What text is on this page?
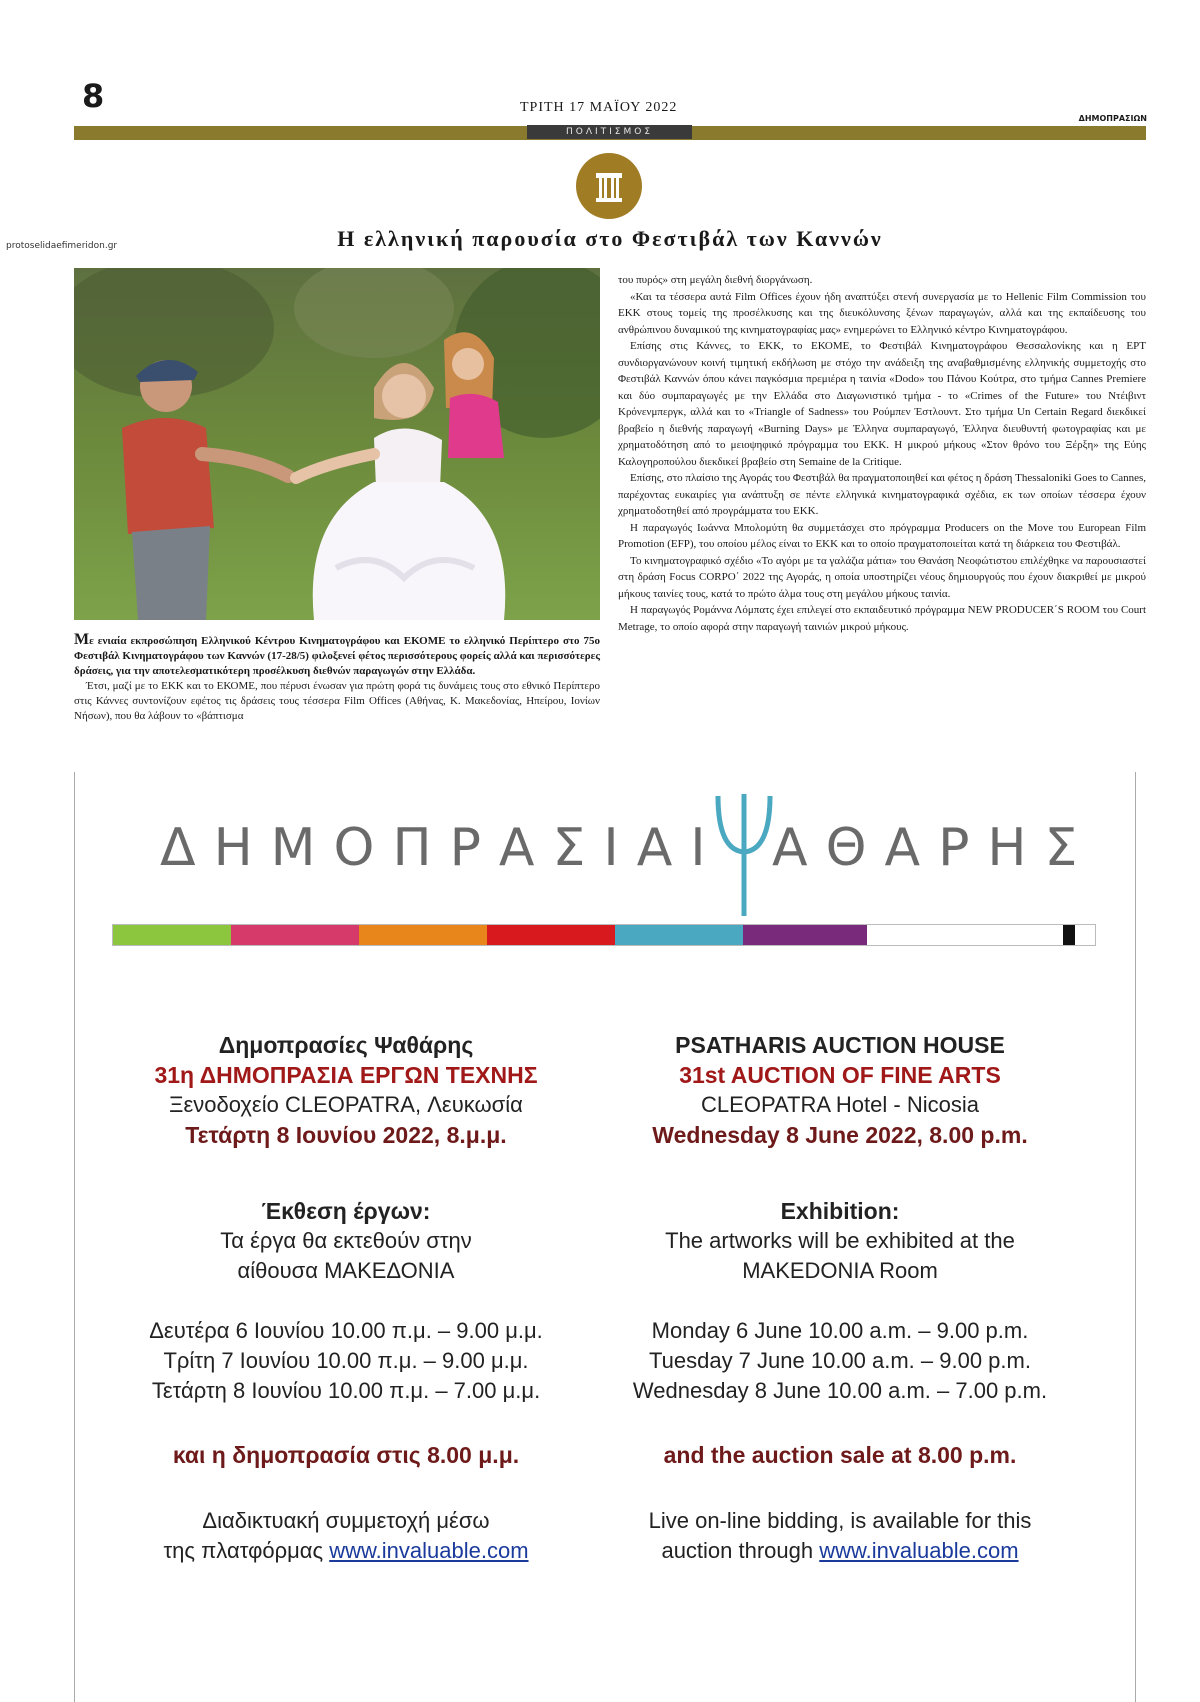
8	ΤΡΙΤΗ 17 ΜΑΪΟΥ 2022
ΔΗΜΟΠΡΑΣΙΩΝ
ΠΟΛΙΤΙΣΜΟΣ
protoselidaefimeridon.gr	Η ελληνική παρουσία στο Φεστιβάλ των Καννών

Με ενιαία εκπροσώπηση Ελληνικού Κέντρου Κινηματογράφου και ΕΚΟΜΕ το ελληνικό Περίπτερο στο 75ο Φεστιβάλ Κινηματογράφου των Καννών (17-28/5) φιλοξενεί φέτος περισσότερους φορείς αλλά και περισσότερες δράσεις, για την αποτελεσματικότερη προσέλκυση διεθνών παραγωγών στην Ελλάδα.

Έτσι, μαζί με το ΕΚΚ και το ΕΚΟΜΕ, που πέρυσι ένωσαν για πρώτη φορά τις δυνάμεις τους στο εθνικό Περίπτερο στις Κάννες συντονίζουν εφέτος τις δράσεις τους τέσσερα Film Offices (Αθήνας, Κ. Μακεδονίας, Ηπείρου, Ιονίων Νήσων), που θα λάβουν το «βάπτισμα

του πυρός» στη μεγάλη διεθνή διοργάνωση.

«Και τα τέσσερα αυτά Film Offices έχουν ήδη αναπτύξει στενή συνεργασία με το Hellenic Film Commission του ΕΚΚ στους τομείς της προσέλκυσης και της διευκόλυνσης ξένων παραγωγών, αλλά και της εκπαίδευσης του ανθρώπινου δυναμικού της κινηματογραφίας μας» ενημερώνει το Ελληνικό κέντρο Κινηματογράφου.

Επίσης στις Κάννες, το ΕΚΚ, το ΕΚΟΜΕ, το Φεστιβάλ Κινηματογράφου Θεσσαλονίκης και η ΕΡΤ συνδιοργανώνουν κοινή τιμητική εκδήλωση με στόχο την ανάδειξη της αναβαθμισμένης ελληνικής συμμετοχής στο Φεστιβάλ Καννών όπου κάνει παγκόσμια πρεμιέρα η ταινία «Dodo» του Πάνου Κούτρα, στο τμήμα Cannes Premiere και δύο συμπαραγωγές με την Ελλάδα στο Διαγωνιστικό τμήμα - το «Crimes of the Future» του Ντέιβιντ Κρόνενμπεργκ, αλλά και το «Triangle of Sadness» του Ρούμπεν Έστλουντ. Στο τμήμα Un Certain Regard διεκδικεί βραβείο η διεθνής παραγωγή «Burning Days» με Έλληνα συμπαραγωγό, Έλληνα διευθυντή φωτογραφίας και με χρηματοδότηση από το μειοψηφικό πρόγραμμα του ΕΚΚ. Η μικρού μήκους «Στον θρόνο του Ξέρξη» της Εύης Καλογηροπούλου διεκδικεί βραβείο στη Semaine de la Critique.

Επίσης, στο πλαίσιο της Αγοράς του Φεστιβάλ θα πραγματοποιηθεί και φέτος η δράση Thessaloniki Goes to Cannes, παρέχοντας ευκαιρίες για ανάπτυξη σε πέντε ελληνικά κινηματογραφικά σχέδια, εκ των οποίων τέσσερα έχουν χρηματοδοτηθεί από προγράμματα του ΕΚΚ.

Η παραγωγός Ιωάννα Μπολομύτη θα συμμετάσχει στο πρόγραμμα Producers on the Move του European Film Promotion (EFP), του οποίου μέλος είναι το ΕΚΚ και το οποίο πραγματοποιείται κατά τη διάρκεια του Φεστιβάλ.

Το κινηματογραφικό σχέδιο «Το αγόρι με τα γαλάζια μάτια» του Θανάση Νεοφώτιστου επιλέχθηκε να παρουσιαστεί στη δράση Focus CORPO΄ 2022 της Αγοράς, η οποία υποστηρίζει νέους δημιουργούς που έχουν διακριθεί με μικρού μήκους ταινίες τους, κατά το πρώτο άλμα τους στη μεγάλου μήκους ταινία.

Η παραγωγός Ρομάννα Λόμπατς έχει επιλεγεί στο εκπαιδευτικό πρόγραμμα NEW PRODUCER΄S ROOM του Court Metrage, το οποίο αφορά στην παραγωγή ταινιών μικρού μήκους.

ΔΗΜΟΠΡΑΣΙΑΙ ΑΘΑΡΗΣ
Δημοπρασίες Ψαθάρης
31η ΔΗΜΟΠΡΑΣΙΑ ΕΡΓΩΝ ΤΕΧΝΗΣ
Ξενοδοχείο CLEOPATRA, Λευκωσία
Τετάρτη 8 Ιουνίου 2022, 8.μ.μ.
Έκθεση έργων:
Τα έργα θα εκτεθούν στην
αίθουσα ΜΑΚΕΔΟΝΙΑ
Δευτέρα 6 Ιουνίου 10.00 π.μ. – 9.00 μ.μ.
Τρίτη 7 Ιουνίου 10.00 π.μ. – 9.00 μ.μ.
Τετάρτη 8 Ιουνίου 10.00 π.μ. – 7.00 μ.μ.
και η δημοπρασία στις 8.00 μ.μ.
Διαδικτυακή συμμετοχή μέσω
της πλατφόρμας www.invaluable.com
PSATHARIS AUCTION HOUSE
31st AUCTION OF FINE ARTS
CLEOPATRA Hotel - Nicosia
Wednesday 8 June 2022, 8.00 p.m.
Exhibition:
The artworks will be exhibited at the
MAKEDONIA Room
Monday 6 June 10.00 a.m. – 9.00 p.m.
Tuesday 7 June 10.00 a.m. – 9.00 p.m.
Wednesday 8 June 10.00 a.m. – 7.00 p.m.
and the auction sale at 8.00 p.m.
Live on-line bidding, is available for this
auction through www.invaluable.com
